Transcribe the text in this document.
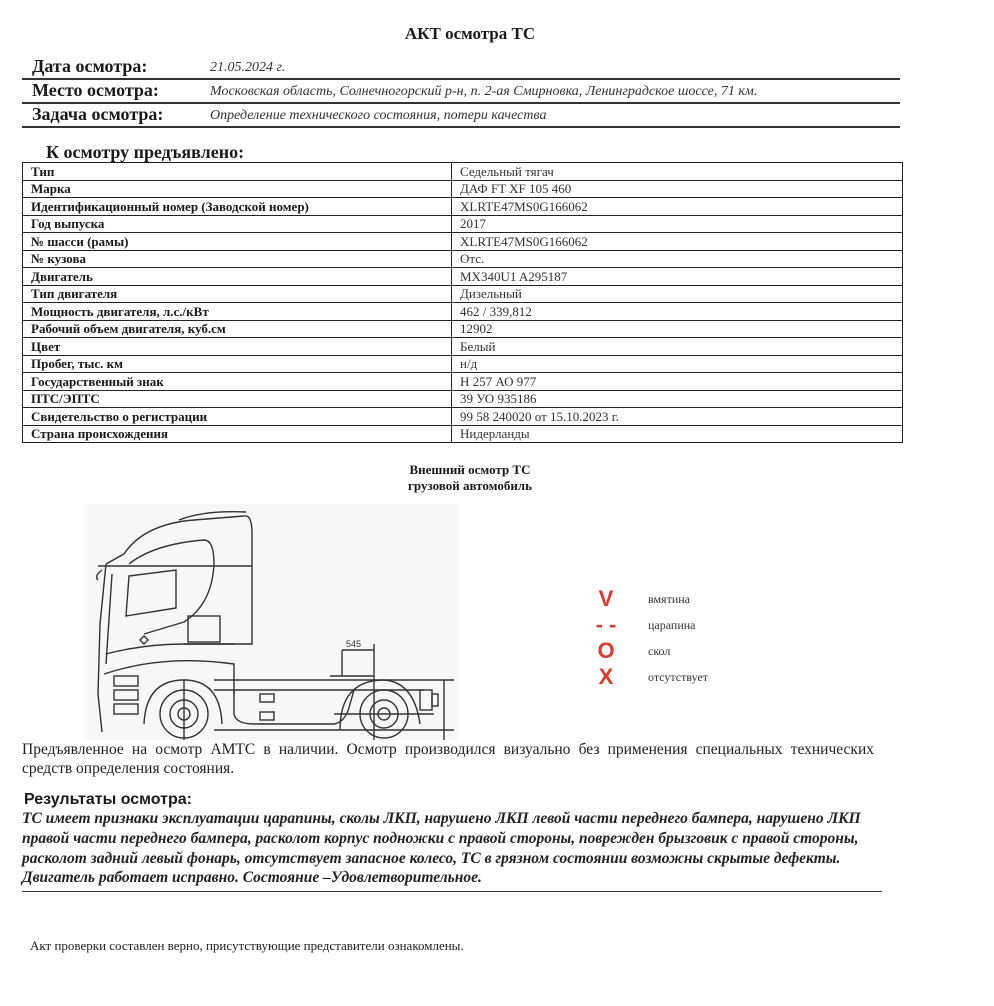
АКТ осмотра ТС
Дата осмотра:	21.05.2024 г.
Место осмотра:	Московская область, Солнечногорский р-н, п. 2-ая Смирновка, Ленинградское шоссе, 71 км.
Задача осмотра:	Определение технического состояния, потери качества
К осмотру предъявлено:
Тип	Седельный тягач
Марка	ДАФ FT XF 105 460
Идентификационный номер (Заводской номер)	XLRTE47MS0G166062
Год выпуска	2017
№ шасси (рамы)	XLRTE47MS0G166062
№ кузова	Отс.
Двигатель	MX340U1 A295187
Тип двигателя	Дизельный
Мощность двигателя, л.с./кВт	462 / 339,812
Рабочий объем двигателя, куб.см	12902
Цвет	Белый
Пробег, тыс. км	н/д
Государственный знак	Н 257 АО 977
ПТС/ЭПТС	39 УО 935186
Свидетельство о регистрации	99 58 240020 от 15.10.2023 г.
Страна происхождения	Нидерланды
Внешний осмотр ТС
грузовой автомобиль
545
V	вмятина
- -	царапина
O	скол
X	отсутствует
Предъявленное на осмотр АМТС в наличии. Осмотр производился визуально без применения специальных технических средств определения состояния.
Результаты осмотра:
ТС имеет признаки эксплуатации царапины, сколы ЛКП, нарушено ЛКП левой части переднего бампера, нарушено ЛКП правой части переднего бампера, расколот корпус подножки с правой стороны, поврежден брызговик с правой стороны, расколот задний левый фонарь, отсутствует запасное колесо, ТС в грязном состоянии возможны скрытые дефекты. Двигатель работает исправно. Состояние –Удовлетворительное.
Акт проверки составлен верно, присутствующие представители ознакомлены.
